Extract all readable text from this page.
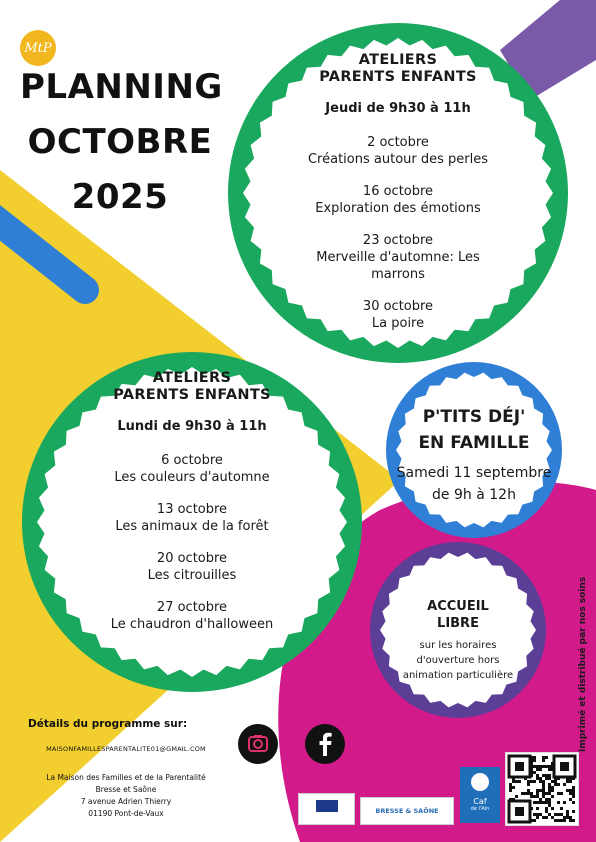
MtP
PLANNING
OCTOBRE
2025
ATELIERS
PARENTS ENFANTS
Jeudi de 9h30 à 11h
2 octobre
Créations autour des perles
16 octobre
Exploration des émotions
23 octobre
Merveille d'automne: Les marrons
30 octobre
La poire
ATELIERS
PARENTS ENFANTS
Lundi de 9h30 à 11h
6 octobre
Les couleurs d'automne
13 octobre
Les animaux de la forêt
20 octobre
Les citrouilles
27 octobre
Le chaudron d'halloween
P'TITS DÉJ'
EN FAMILLE
Samedi 11 septembre
de 9h à 12h
ACCUEIL
LIBRE
sur les horaires
d'ouverture hors
animation particulière	Imprimé et distribué par nos soins
Détails du programme sur:
MAISONFAMILLESPARENTALITE01@GMAIL.COM
La Maison des Familles et de la Parentalité
Bresse et Saône
7 avenue Adrien Thierry
01190 Pont-de-Vaux	BRESSE & SAÔNE
Caf
de l'Ain
